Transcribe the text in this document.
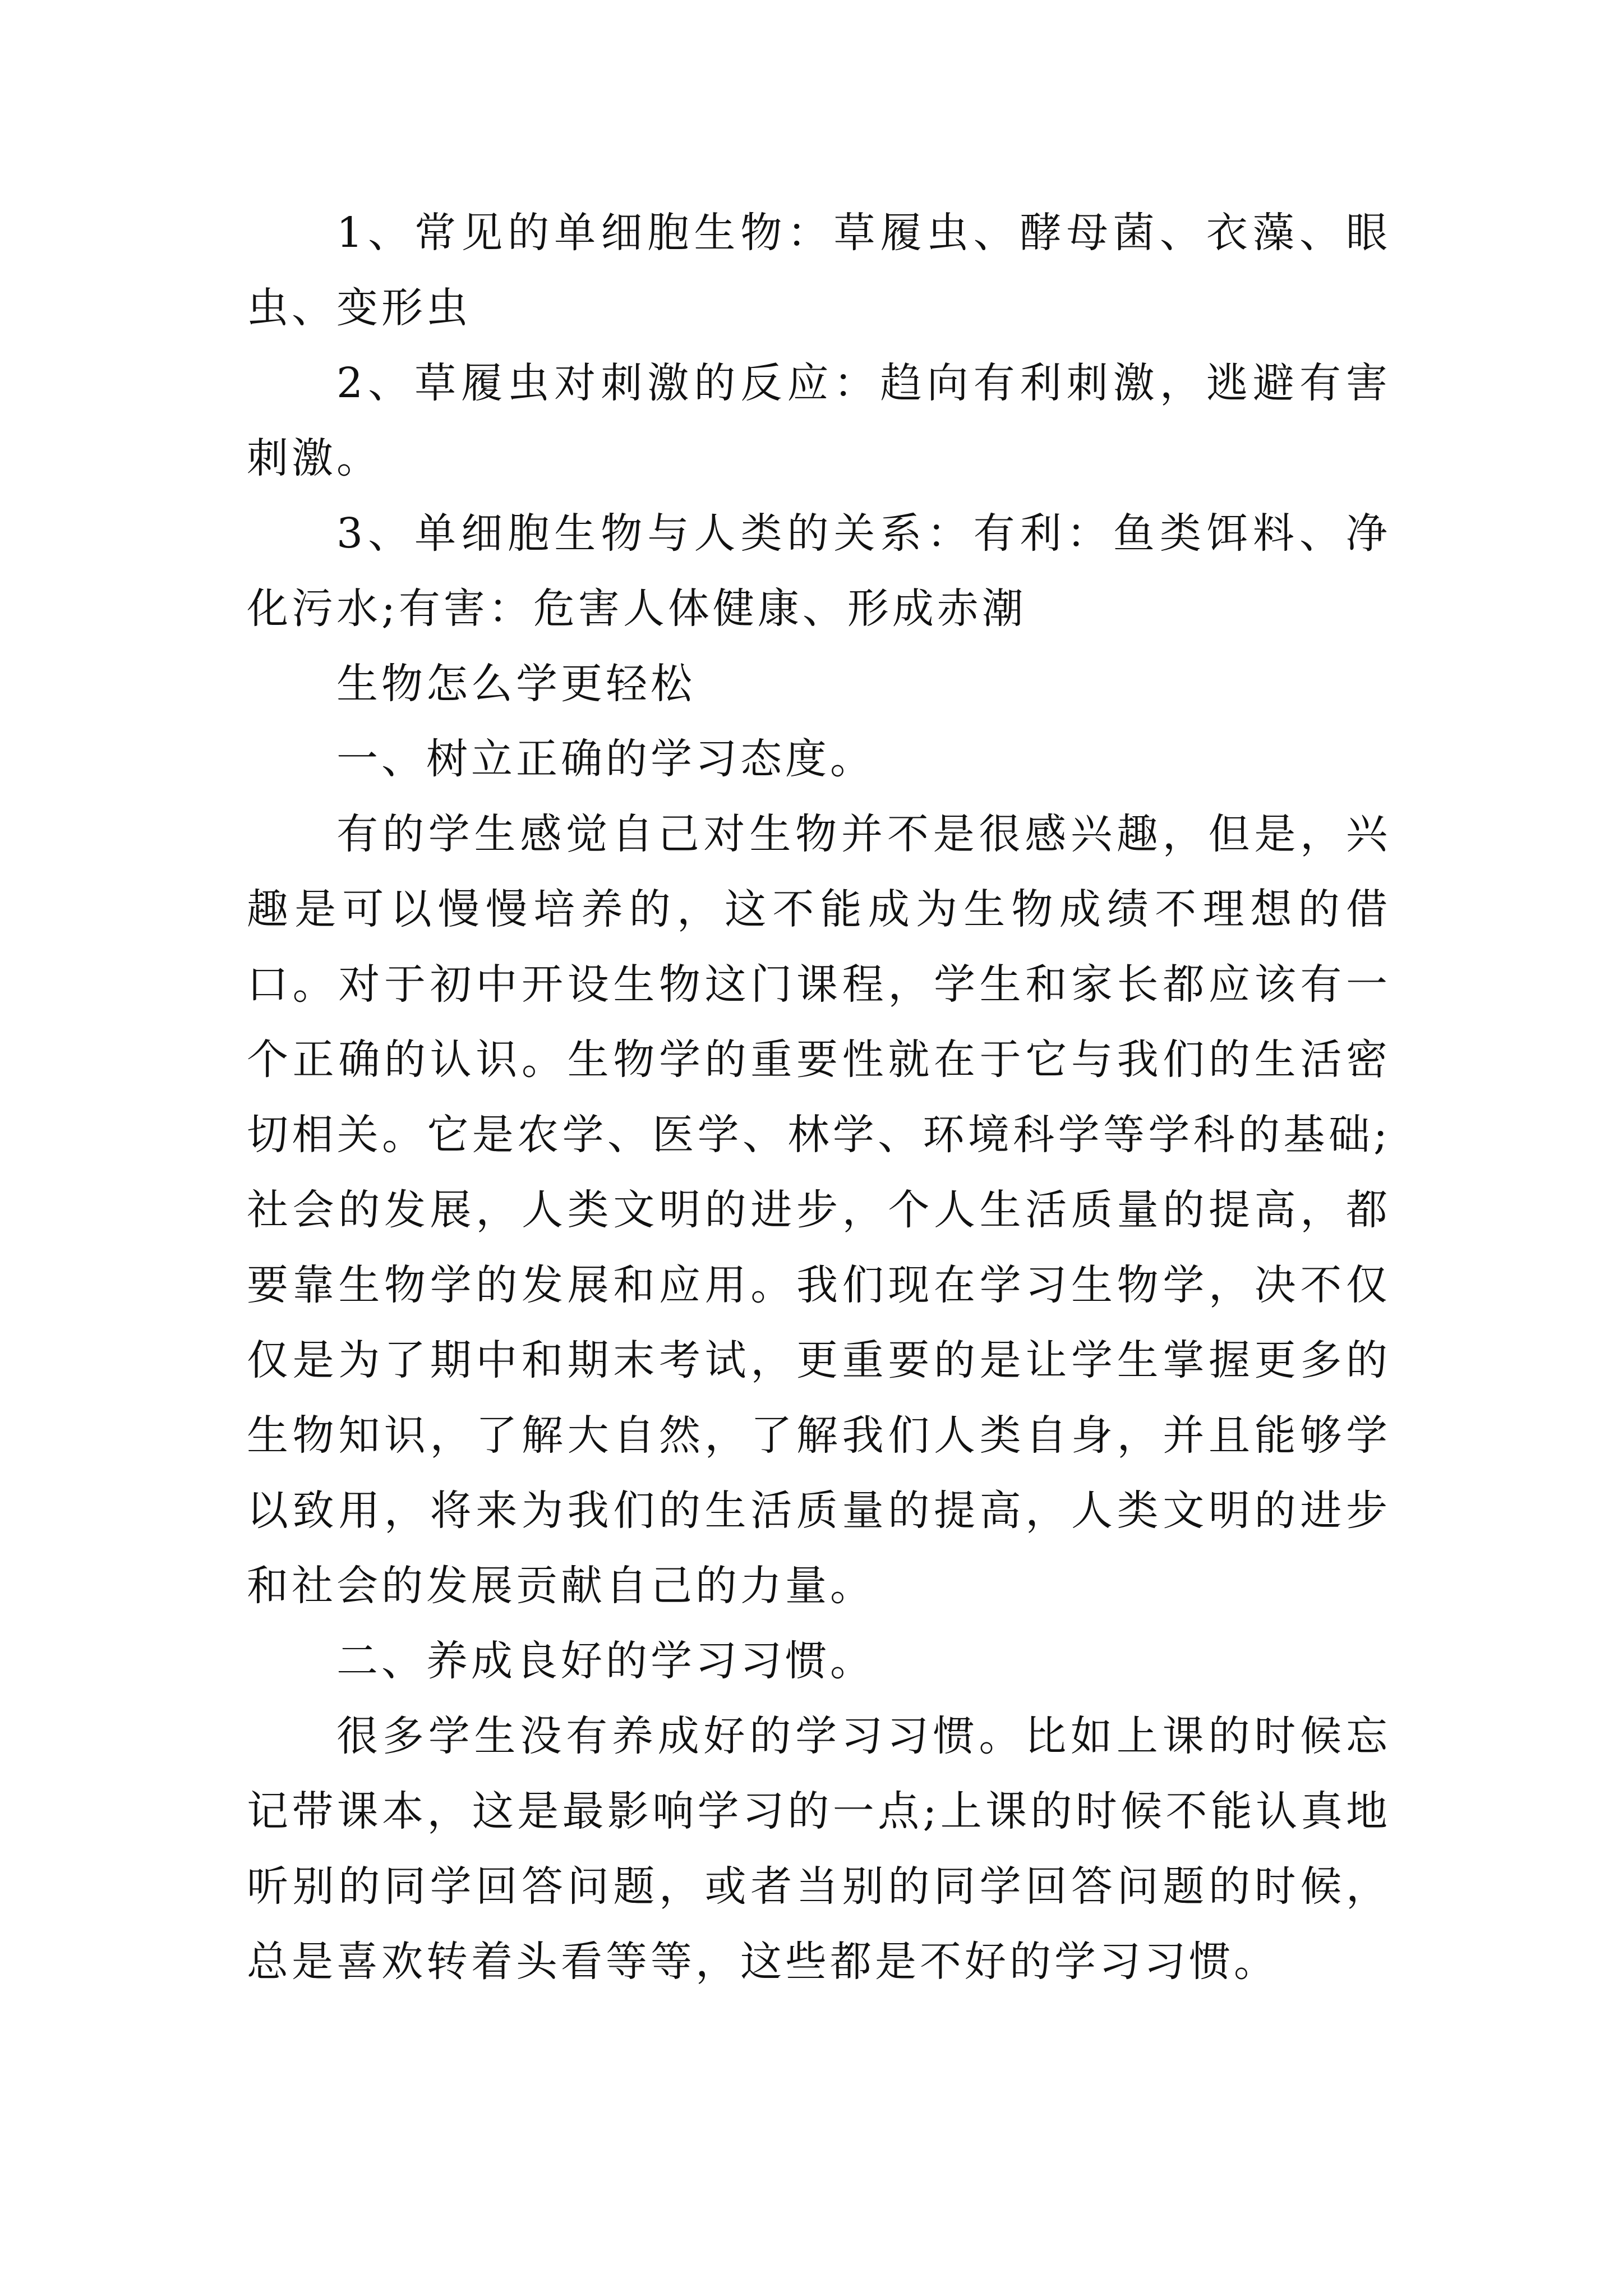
1、常见的单细胞生物：草履虫、酵母菌、衣藻、眼虫、变形虫

2、草履虫对刺激的反应：趋向有利刺激，逃避有害刺激。

3、单细胞生物与人类的关系：有利：鱼类饵料、净化污水;有害：危害人体健康、形成赤潮

生物怎么学更轻松

一、树立正确的学习态度。

有的学生感觉自己对生物并不是很感兴趣，但是，兴趣是可以慢慢培养的，这不能成为生物成绩不理想的借口。对于初中开设生物这门课程，学生和家长都应该有一个正确的认识。生物学的重要性就在于它与我们的生活密切相关。它是农学、医学、林学、环境科学等学科的基础;社会的发展，人类文明的进步，个人生活质量的提高，都要靠生物学的发展和应用。我们现在学习生物学，决不仅仅是为了期中和期末考试，更重要的是让学生掌握更多的生物知识，了解大自然，了解我们人类自身，并且能够学以致用，将来为我们的生活质量的提高，人类文明的进步和社会的发展贡献自己的力量。

二、养成良好的学习习惯。

很多学生没有养成好的学习习惯。比如上课的时候忘记带课本，这是最影响学习的一点;上课的时候不能认真地听别的同学回答问题，或者当别的同学回答问题的时候，总是喜欢转着头看等等，这些都是不好的学习习惯。
